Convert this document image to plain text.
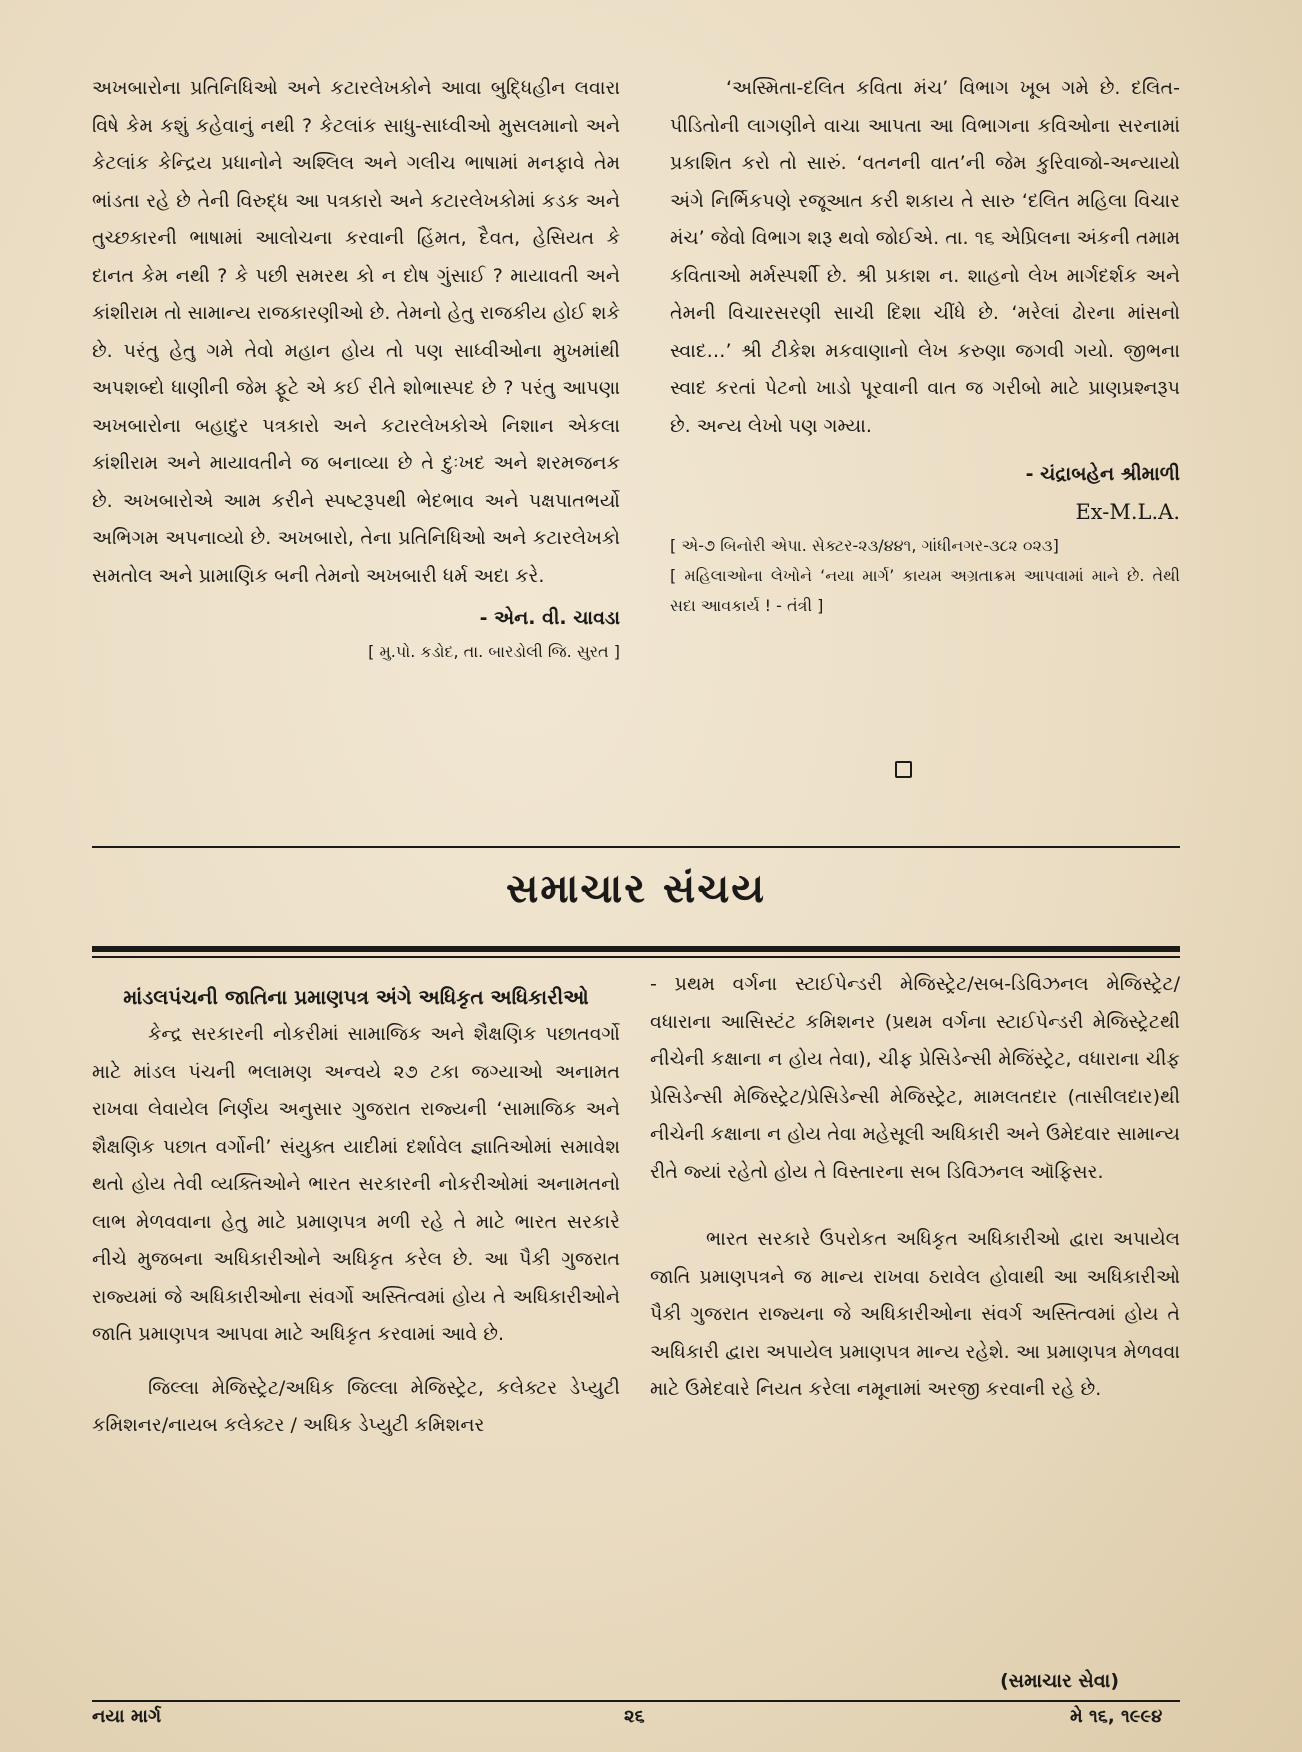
અખબારોના પ્રતિનિધિઓ અને કટારલેખકોને આવા બુદ્ધિહીન લવારા વિષે કેમ કશું કહેવાનું નથી ? કેટલાંક સાધુ-સાધ્વીઓ મુસલમાનો અને કેટલાંક કેન્દ્રિય પ્રધાનોને અશ્લિલ અને ગલીચ ભાષામાં મનફાવે તેમ ભાંડતા રહે છે તેની વિરુદ્ધ આ પત્રકારો અને કટારલેખકોમાં કડક અને તુચ્છકારની ભાષામાં આલોચના કરવાની હિંમત, દૈવત, હેસિયત કે દાનત કેમ નથી ? કે પછી સમરથ કો ન દોષ ગુંસાઈ ? માયાવતી અને કાંશીરામ તો સામાન્ય રાજકારણીઓ છે. તેમનો હેતુ રાજકીય હોઈ શકે છે. પરંતુ હેતુ ગમે તેવો મહાન હોય તો પણ સાધ્વીઓના મુખમાંથી અપશબ્દો ધાણીની જેમ ફૂટે એ કઈ રીતે શોભાસ્પદ છે ? પરંતુ આપણા અખબારોના બહાદુર પત્રકારો અને કટારલેખકોએ નિશાન એકલા કાંશીરામ અને માયાવતીને જ બનાવ્યા છે તે દુઃખદ અને શરમજનક છે. અખબારોએ આમ કરીને સ્પષ્ટરૂપથી ભેદભાવ અને પક્ષપાતભર્યો અભિગમ અપનાવ્યો છે. અખબારો, તેના પ્રતિનિધિઓ અને કટારલેખકો સમતોલ અને પ્રામાણિક બની તેમનો અખબારી ધર્મ અદા કરે.

- એન. વી. ચાવડા

[ મુ.પો. કડોદ, તા. બારડોલી જિ. સુરત ]

‘અસ્મિતા-દલિત કવિતા મંચ’ વિભાગ ખૂબ ગમે છે. દલિત-પીડિતોની લાગણીને વાચા આપતા આ વિભાગના કવિઓના સરનામાં પ્રકાશિત કરો તો સારું. ‘વતનની વાત’ની જેમ કુરિવાજો-અન્યાયો અંગે નિર્ભિકપણે રજૂઆત કરી શકાય તે સારુ ‘દલિત મહિલા વિચાર મંચ’ જેવો વિભાગ શરૂ થવો જોઈએ. તા. ૧૬ એપ્રિલના અંકની તમામ કવિતાઓ મર્મસ્પર્શી છે. શ્રી પ્રકાશ ન. શાહનો લેખ માર્ગદર્શક અને તેમની વિચારસરણી સાચી દિશા ચીંધે છે. ‘મરેલાં ઢોરના માંસનો સ્વાદ…’ શ્રી ટીકેશ મકવાણાનો લેખ કરુણા જગવી ગયો. જીભના સ્વાદ કરતાં પેટનો ખાડો પૂરવાની વાત જ ગરીબો માટે પ્રાણપ્રશ્નરૂપ છે. અન્ય લેખો પણ ગમ્યા.

- ચંદ્રાબહેન શ્રીમાળી

Ex-M.L.A.

[ એ-૭ બિનોરી એપા. સેક્ટર-૨૩/૪૪૧, ગાંધીનગર-૩૮૨ ૦૨૩]

[ મહિલાઓના લેખોને ‘નયા માર્ગ’ કાયમ અગ્રતાક્રમ આપવામાં માને છે. તેથી સદા આવકાર્ય ! - તંત્રી ]

સમાચાર સંચય

માંડલપંચની જાતિના પ્રમાણપત્ર અંગે અધિકૃત અધિકારીઓ

કેન્દ્ર સરકારની નોકરીમાં સામાજિક અને શૈક્ષણિક પછાતવર્ગો માટે માંડલ પંચની ભલામણ અન્વયે ૨૭ ટકા જગ્યાઓ અનામત રાખવા લેવાયેલ નિર્ણય અનુસાર ગુજરાત રાજ્યની ‘સામાજિક અને શૈક્ષણિક પછાત વર્ગોની’ સંયુક્ત યાદીમાં દર્શાવેલ જ્ઞાતિઓમાં સમાવેશ થતો હોય તેવી વ્યક્તિઓને ભારત સરકારની નોકરીઓમાં અનામતનો લાભ મેળવવાના હેતુ માટે પ્રમાણપત્ર મળી રહે તે માટે ભારત સરકારે નીચે મુજબના અધિકારીઓને અધિકૃત કરેલ છે. આ પૈકી ગુજરાત રાજ્યમાં જે અધિકારીઓના સંવર્ગો અસ્તિત્વમાં હોય તે અધિકારીઓને જાતિ પ્રમાણપત્ર આપવા માટે અધિકૃત કરવામાં આવે છે.

જિલ્લા મેજિસ્ટ્રેટ/અધિક જિલ્લા મેજિસ્ટ્રેટ, કલેક્ટર ડેપ્યુટી કમિશનર/નાયબ કલેક્ટર / અધિક ડેપ્યુટી કમિશનર

- પ્રથમ વર્ગના સ્ટાઈપેન્ડરી મેજિસ્ટ્રેટ/સબ-ડિવિઝનલ મેજિસ્ટ્રેટ/વધારાના આસિસ્ટંટ કમિશનર (પ્રથમ વર્ગના સ્ટાઈપેન્ડરી મેજિસ્ટ્રેટથી નીચેની કક્ષાના ન હોય તેવા), ચીફ પ્રેસિડેન્સી મેજિંસ્ટ્રેટ, વધારાના ચીફ પ્રેસિડેન્સી મેજિસ્ટ્રેટ/પ્રેસિડેન્સી મેજિસ્ટ્રેટ, મામલતદાર (તાસીલદાર)થી નીચેની કક્ષાના ન હોય તેવા મહેસૂલી અધિકારી અને ઉમેદવાર સામાન્ય રીતે જ્યાં રહેતો હોય તે વિસ્તારના સબ ડિવિઝનલ ઑફિસર.

ભારત સરકારે ઉપરોકત અધિકૃત અધિકારીઓ દ્વારા અપાયેલ જાતિ પ્રમાણપત્રને જ માન્ય રાખવા ઠરાવેલ હોવાથી આ અધિકારીઓ પૈકી ગુજરાત રાજ્યના જે અધિકારીઓના સંવર્ગ અસ્તિત્વમાં હોય તે અધિકારી દ્વારા અપાયેલ પ્રમાણપત્ર માન્ય રહેશે. આ પ્રમાણપત્ર મેળવવા માટે ઉમેદવારે નિયત કરેલા નમૂનામાં અરજી કરવાની રહે છે.

(સમાચાર સેવા)
નયા માર્ગ	૨૬	મે ૧૬, ૧૯૯૪
